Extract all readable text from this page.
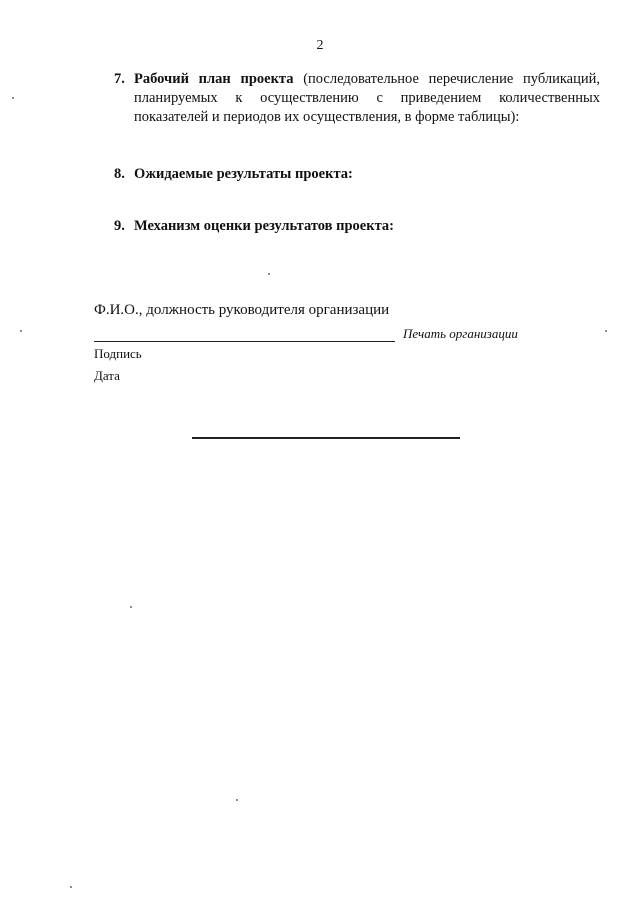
2
7. Рабочий план проекта (последовательное перечисление публикаций, планируемых к осуществлению с приведением количественных показателей и периодов их осуществления, в форме таблицы):
8. Ожидаемые результаты проекта:
9. Механизм оценки результатов проекта:
Ф.И.О., должность руководителя организации
Печать организации
Подпись
Дата
